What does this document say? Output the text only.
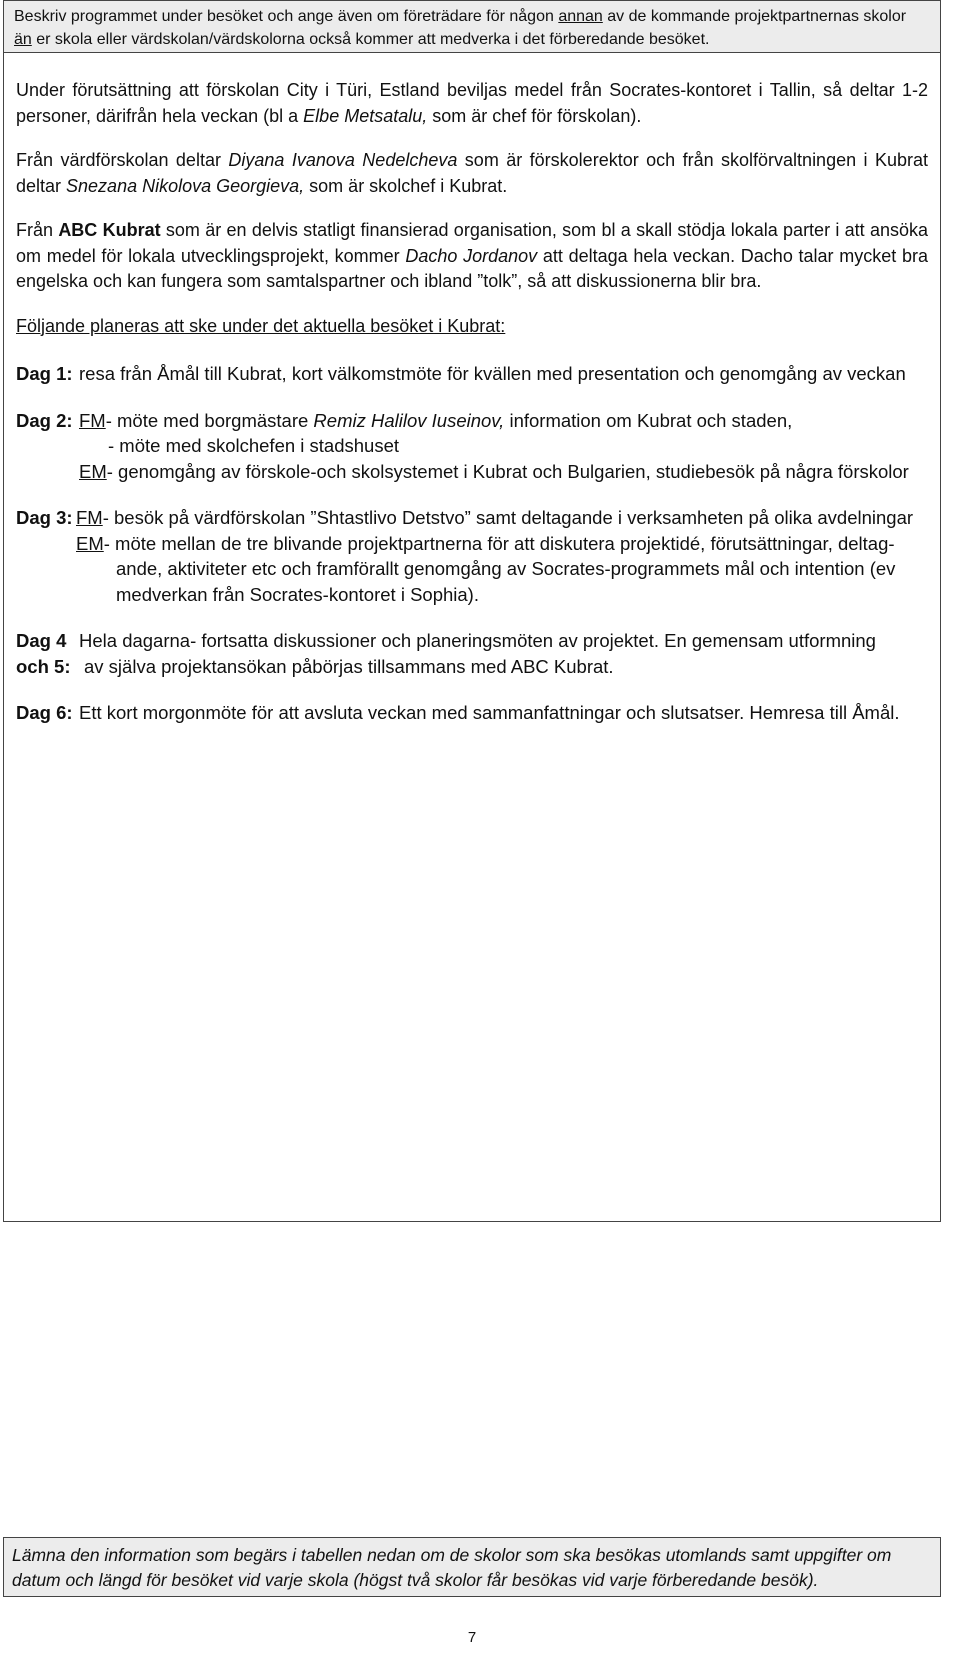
Beskriv programmet under besöket och ange även om företrädare för någon annan av de kommande projektpartnernas skolor än er skola eller värdskolan/värdskolorna också kommer att medverka i det förberedande besöket.

Under förutsättning att förskolan City i Türi, Estland beviljas medel från Socrates-kontoret i Tallin, så deltar 1-2 personer, därifrån hela veckan (bl a Elbe Metsatalu, som är chef för förskolan).

Från värdförskolan deltar Diyana Ivanova Nedelcheva som är förskolerektor och från skolförvaltningen i Kubrat deltar Snezana Nikolova Georgieva, som är skolchef i Kubrat.

Från ABC Kubrat som är en delvis statligt finansierad organisation, som bl a skall stödja lokala parter i att ansöka om medel för lokala utvecklingsprojekt, kommer Dacho Jordanov att deltaga hela veckan. Dacho talar mycket bra engelska och kan fungera som samtalspartner och ibland ”tolk”, så att diskussionerna blir bra.

Följande planeras att ske under det aktuella besöket i Kubrat:

Dag 1: resa från Åmål till Kubrat, kort välkomstmöte för kvällen med presentation och genomgång av veckan
Dag 2: FM- möte med borgmästare Remiz Halilov Iuseinov, information om Kubrat och staden,
- möte med skolchefen i stadshuset
EM- genomgång av förskole-och skolsystemet i Kubrat och Bulgarien, studiebesök på några förskolor
Dag 3: FM- besök på värdförskolan ”Shtastlivo Detstvo” samt deltagande i verksamheten på olika avdelningar
EM- möte mellan de tre blivande projektpartnerna för att diskutera projektidé, förutsättningar, deltag-
ande, aktiviteter etc och framförallt genomgång av Socrates-programmets mål och intention (ev
medverkan från Socrates-kontoret i Sophia).
Dag 4
och 5:
Hela dagarna- fortsatta diskussioner och planeringsmöten av projektet. En gemensam utformning
av själva projektansökan påbörjas tillsammans med ABC Kubrat.
Dag 6: Ett kort morgonmöte för att avsluta veckan med sammanfattningar och slutsatser. Hemresa till Åmål.
Lämna den information som begärs i tabellen nedan om de skolor som ska besökas utomlands samt uppgifter om datum och längd för besöket vid varje skola (högst två skolor får besökas vid varje förberedande besök).
7
